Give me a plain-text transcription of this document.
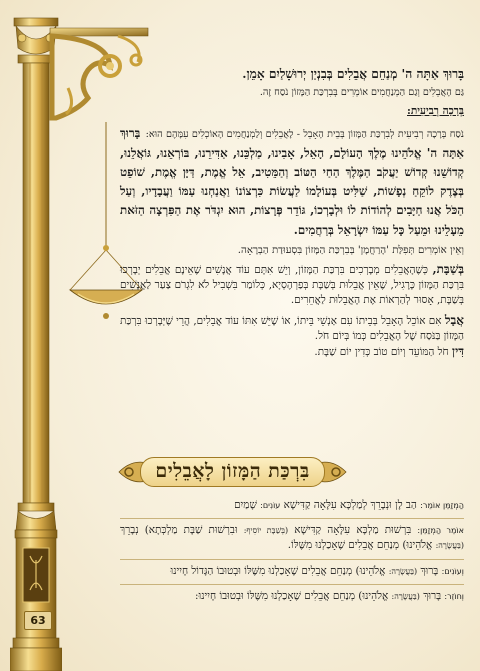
63

בָּרוּךְ אַתָּה ה' מְנַחֵם אֲבֵלִים בְּבִנְיַן יְרוּשָׁלַיִם אָמֵן.

גַּם הָאֲבֵלִים וְגַם הַמְנַחֲמִים אוֹמְרִים בְּבִרְכַּת הַמָּזוֹן נֹסַח זֶה.

בְּרָכָה רְבִיעִית:

נֹסַח בְּרָכָה רְבִיעִית לְבִרְכַּת הַמָּזוֹן בְּבֵית הָאָבֵל - לָאֲבֵלִים וְלַמְנַחֲמִים הָאוֹכְלִים עִמָּהֶם הוּא: בָּרוּךְ אַתָּה ה' אֱלֹהֵינוּ מֶלֶךְ הָעוֹלָם, הָאֵל, אָבִינוּ, מַלְכֵּנוּ, אַדִּירֵנוּ, בּוֹרְאֵנוּ, גּוֹאֲלֵנוּ, קְדוֹשֵׁנוּ קְדוֹשׁ יַעֲקֹב הַמֶּלֶךְ הַחַי הַטּוֹב וְהַמֵּטִיב, אֵל אֱמֶת, דַּיָּן אֱמֶת, שׁוֹפֵט בְּצֶדֶק לוֹקֵחַ נְפָשׁוֹת, שַׁלִּיט בְּעוֹלָמוֹ לַעֲשׂוֹת כִּרְצוֹנוֹ וַאֲנַחְנוּ עַמּוֹ וַעֲבָדָיו, וְעַל הַכֹּל אֲנוּ חַיָּבִים לְהוֹדוֹת לוֹ וּלְבָרְכוֹ, גּוֹדֵר פְּרָצוֹת, הוּא יִגְדֹּר אֶת הַפִּרְצָה הַזֹּאת מֵעָלֵינוּ וּמֵעַל כָּל עַמּוֹ יִשְׂרָאֵל בְּרַחֲמִים.

וְאֵין אוֹמְרִים תְּפִלַּת 'הָרַחֲמָן' בְּבִרְכַּת הַמָּזוֹן בִּסְעוּדַת הַבְרָאָה.

בְּשַׁבָּת, כְּשֶׁהָאֲבֵלִים מְבָרְכִים בִּרְכַּת הַמָּזוֹן, וְיֵשׁ אִתָּם עוֹד אֲנָשִׁים שֶׁאֵינָם אֲבֵלִים יְבָרְכוּ בִּרְכַּת הַמָּזוֹן כָּרָגִיל, שֶׁאֵין אֲבֵלוּת בְּשַׁבָּת בְּפַרְהֶסְיָא, כְּלוֹמַר בִּשְׁבִיל לֹא לִגְרֹם צַעַר לַאֲנָשִׁים בְּשַׁבָּת, אָסוּר לְהַרְאוֹת אֶת הָאֲבֵלוּת לַאֲחֵרִים.

אֲבָל אִם אוֹכֵל הָאָבֵל בְּבֵיתוֹ עִם אַנְשֵׁי בֵּיתוֹ, אוֹ שֶׁיֵּשׁ אִתּוֹ עוֹד אֲבֵלִים, הֲרֵי שֶׁיְּבָרְכוּ בִּרְכַּת הַמָּזוֹן בַּנֹּסַח שֶׁל הָאֲבֵלִים כְּמוֹ בְּיוֹם חֹל.

דִּין חֹל הַמּוֹעֵד וְיוֹם טוֹב כְּדִין יוֹם שַׁבָּת.

בִּרְכַּת הַמָּזוֹן לָאֲבֵלִים

הַמְזַמֵּן אוֹמֵר: הַב לָן וּנְבָרֵךְ לְמַלְכָּא עִלָּאָה קַדִּישָׁא עוֹנִים: שָׁמַיִם

אוֹמֵר הַמְזַמֵּן: בִּרְשׁוּת מַלְכָּא עִלָּאָה קַדִּישָׁא (בְּשַׁבָּת יוֹסִיף: וּבִרְשׁוּת שַׁבָּת מַלְכְּתָא) נְבָרֵךְ (בַּעֲשָׂרָה: אֱלֹהֵינוּ) מְנַחֵם אֲבֵלִים שֶׁאָכַלְנוּ מִשֶּׁלּוֹ.

וְעוֹנִים: בָּרוּךְ (בַּעֲשָׂרָה: אֱלֹהֵינוּ) מְנַחֵם אֲבֵלִים שֶׁאָכַלְנוּ מִשֶּׁלּוֹ וּבְטוּבוֹ הַגָּדוֹל חָיִינוּ

וְחוֹזֵר: בָּרוּךְ (בַּעֲשָׂרָה: אֱלֹהֵינוּ) מְנַחֵם אֲבֵלִים שֶׁאָכַלְנוּ מִשֶּׁלּוֹ וּבְטוּבוֹ חָיִינוּ:
